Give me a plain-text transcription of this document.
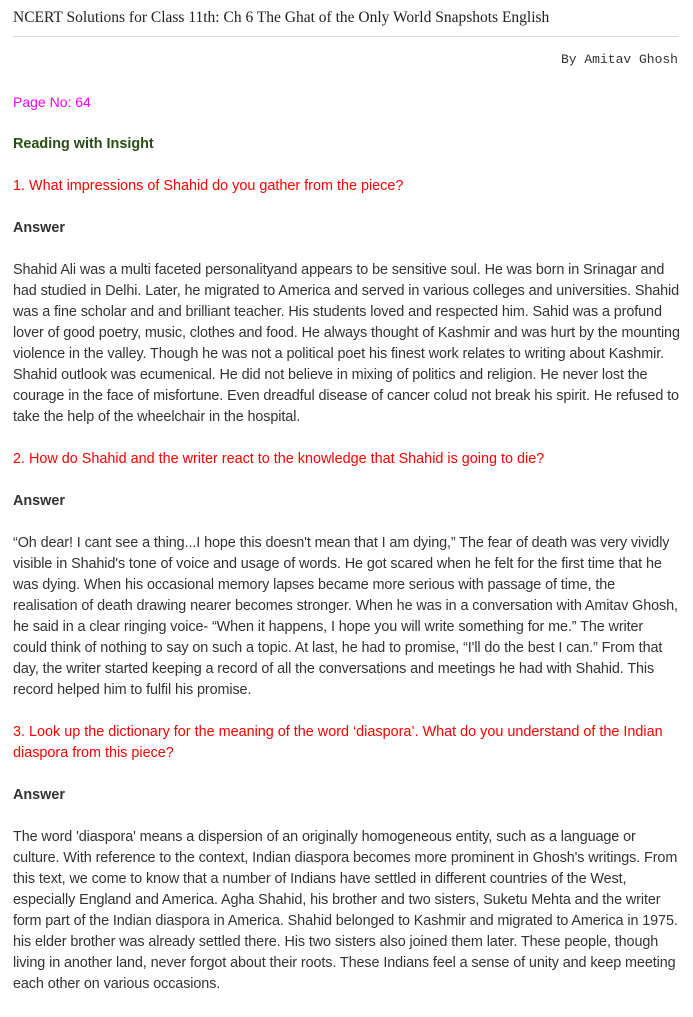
NCERT Solutions for Class 11th: Ch 6 The Ghat of the Only World Snapshots English
By Amitav Ghosh

Page No: 64

Reading with Insight

1. What impressions of Shahid do you gather from the piece?

Answer

Shahid Ali was a multi faceted personalityand appears to be sensitive soul. He was born in Srinagar and had studied in Delhi. Later, he migrated to America and served in various colleges and universities. Shahid was a fine scholar and and brilliant teacher. His students loved and respected him. Sahid was a profund lover of good poetry, music, clothes and food. He always thought of Kashmir and was hurt by the mounting violence in the valley. Though he was not a political poet his finest work relates to writing about Kashmir. Shahid outlook was ecumenical. He did not believe in mixing of politics and religion. He never lost the courage in the face of misfortune. Even dreadful disease of cancer colud not break his spirit. He refused to take the help of the wheelchair in the hospital.

2. How do Shahid and the writer react to the knowledge that Shahid is going to die?

Answer

“Oh dear! I cant see a thing...I hope this doesn't mean that I am dying,” The fear of death was very vividly visible in Shahid's tone of voice and usage of words. He got scared when he felt for the first time that he was dying. When his occasional memory lapses became more serious with passage of time, the realisation of death drawing nearer becomes stronger. When he was in a conversation with Amitav Ghosh, he said in a clear ringing voice- “When it happens, I hope you will write something for me.” The writer could think of nothing to say on such a topic. At last, he had to promise, “I'll do the best I can.” From that day, the writer started keeping a record of all the conversations and meetings he had with Shahid. This record helped him to fulfil his promise.

3. Look up the dictionary for the meaning of the word ‘diaspora’. What do you understand of the Indian diaspora from this piece?

Answer

The word 'diaspora' means a dispersion of an originally homogeneous entity, such as a language or culture. With reference to the context, Indian diaspora becomes more prominent in Ghosh's writings. From this text, we come to know that a number of Indians have settled in different countries of the West, especially England and America. Agha Shahid, his brother and two sisters, Suketu Mehta and the writer form part of the Indian diaspora in America. Shahid belonged to Kashmir and migrated to America in 1975. his elder brother was already settled there. His two sisters also joined them later. These people, though living in another land, never forgot about their roots. These Indians feel a sense of unity and keep meeting each other on various occasions.
